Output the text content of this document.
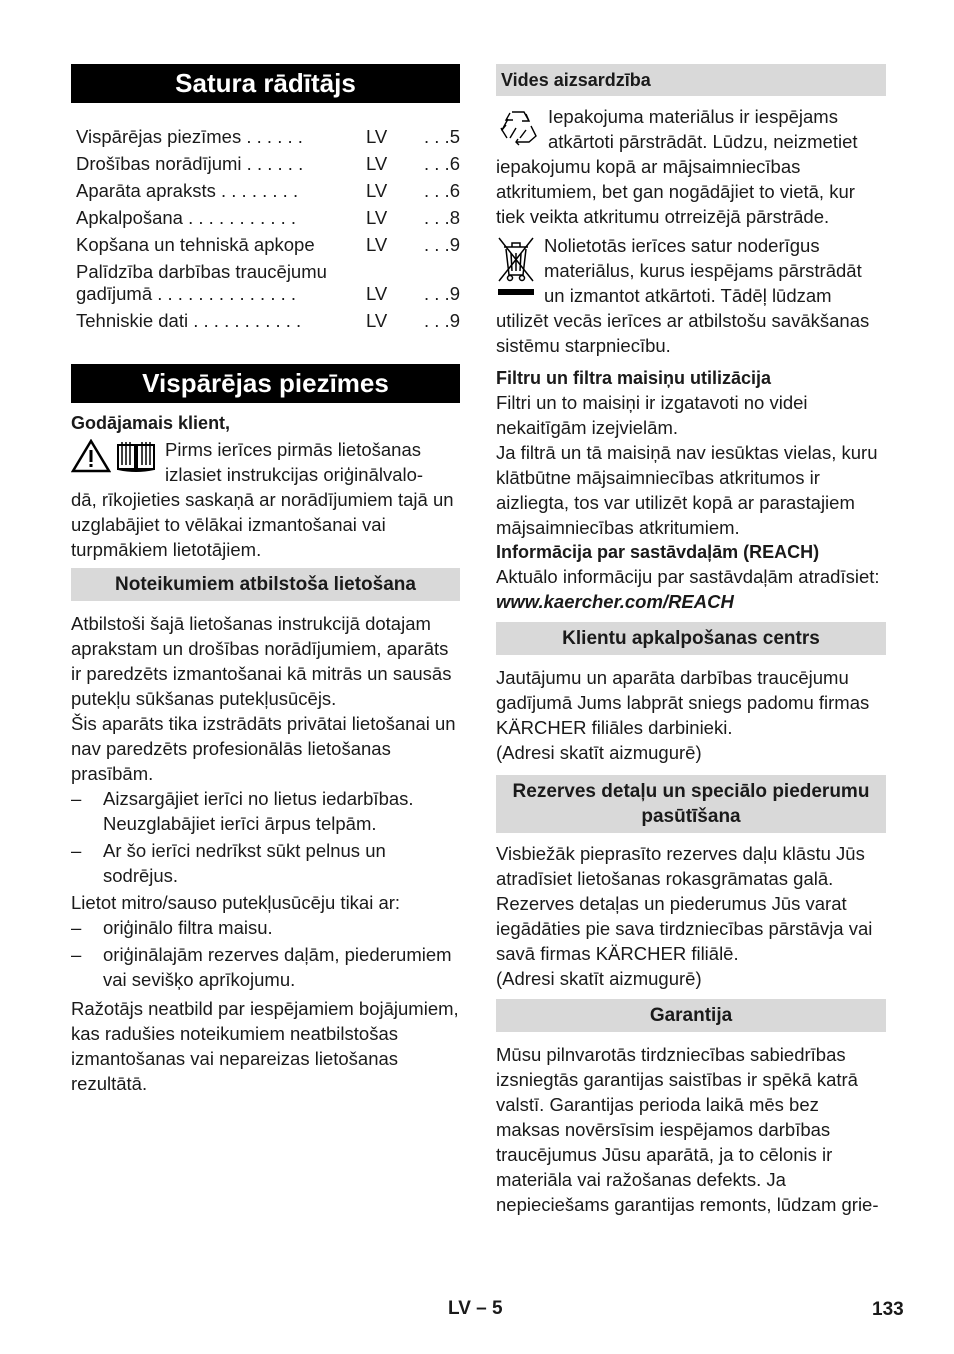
Satura rādītājs
Vispārējas piezīmes . . . . . .	LV	. . .5
Drošības norādījumi . . . . . .	LV	. . .6
Aparāta apraksts . . . . . . . .	LV	. . .6
Apkalpošana . . . . . . . . . . .	LV	. . .8
Kopšana un tehniskā apkope	LV	. . .9
Palīdzība darbības traucējumu
gadījumā . . . . . . . . . . . . . .	LV	. . .9
Tehniskie dati . . . . . . . . . . .	LV	. . .9
Vispārējas piezīmes

Godājamais klient,

Pirms ierīces pirmās lietošanas izlasiet instrukcijas oriģinālvalo-

dā, rīkojieties saskaņā ar norādījumiem tajā un uzglabājiet to vēlākai izmantošanai vai turpmākiem lietotājiem.

Noteikumiem atbilstoša lietošana

Atbilstoši šajā lietošanas instrukcijā dotajam aprakstam un drošības norādījumiem, aparāts ir paredzēts izmantošanai kā mitrās un sausās putekļu sūkšanas putekļusūcējs.

Šis aparāts tika izstrādāts privātai lietošanai un nav paredzēts profesionālās lietošanas prasībām.

– Aizsargājiet ierīci no lietus iedarbības. Neuzglabājiet ierīci ārpus telpām.

– Ar šo ierīci nedrīkst sūkt pelnus un sodrējus.

Lietot mitro/sauso putekļusūcēju tikai ar:

– oriģinālo filtra maisu.

– oriģinālajām rezerves daļām, piederumiem vai sevišķo aprīkojumu.

Ražotājs neatbild par iespējamiem bojājumiem, kas radušies noteikumiem neatbilstošas izmantošanas vai nepareizas lietošanas rezultātā.

Vides aizsardzība

Iepakojuma materiālus ir iespējams atkārtoti pārstrādāt. Lūdzu, neizmetiet iepakojumu kopā ar mājsaimniecības atkritumiem, bet gan nogādājiet to vietā, kur tiek veikta atkritumu otrreizējā pārstrāde.

Nolietotās ierīces satur noderīgus materiālus, kurus iespējams pārstrādāt un izmantot atkārtoti. Tādēļ lūdzam utilizēt vecās ierīces ar atbilstošu savākšanas sistēmu starpniecību.

Filtru un filtra maisiņu utilizācija

Filtri un to maisiņi ir izgatavoti no videi nekaitīgām izejvielām.

Ja filtrā un tā maisiņā nav iesūktas vielas, kuru klātbūtne mājsaimniecības atkritumos ir aizliegta, tos var utilizēt kopā ar parastajiem mājsaimniecības atkritumiem.

Informācija par sastāvdaļām (REACH)

Aktuālo informāciju par sastāvdaļām atradīsiet:

www.kaercher.com/REACH

Klientu apkalpošanas centrs

Jautājumu un aparāta darbības traucējumu gadījumā Jums labprāt sniegs padomu firmas KÄRCHER filiāles darbinieki.

(Adresi skatīt aizmugurē)

Rezerves detaļu un speciālo piederumu pasūtīšana

Visbiežāk pieprasīto rezerves daļu klāstu Jūs atradīsiet lietošanas rokasgrāmatas galā.

Rezerves detaļas un piederumus Jūs varat iegādāties pie sava tirdzniecības pārstāvja vai savā firmas KÄRCHER filiālē.

(Adresi skatīt aizmugurē)

Garantija

Mūsu pilnvarotās tirdzniecības sabiedrības izsniegtās garantijas saistības ir spēkā katrā valstī. Garantijas perioda laikā mēs bez maksas novērsīsim iespējamos darbības traucējumus Jūsu aparātā, ja to cēlonis ir materiāla vai ražošanas defekts. Ja nepieciešams garantijas remonts, lūdzam grie-

LV – 5	133
